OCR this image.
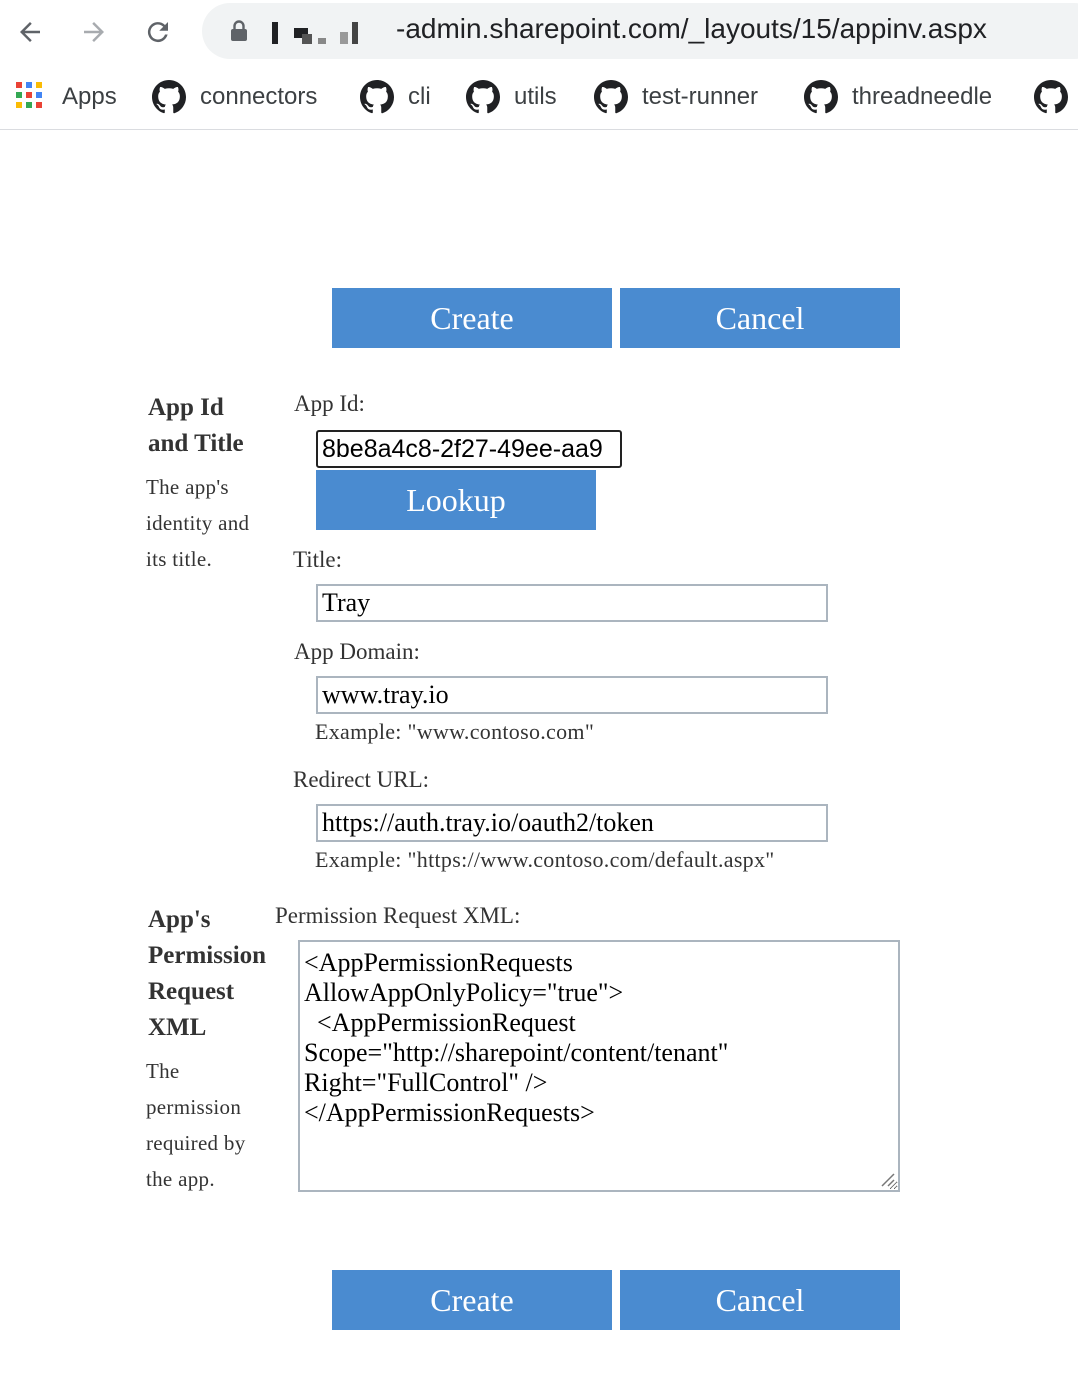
-admin.sharepoint.com/_layouts/15/appinv.aspx
Apps	connectors	cli	utils	test-runner	threadneedle
Create	Cancel
App Id
and Title
The app's
identity and
its title.
App Id:
8be8a4c8-2f27-49ee-aa9
Lookup
Title:
Tray
App Domain:
www.tray.io
Example: "www.contoso.com"
Redirect URL:
https://auth.tray.io/oauth2/token
Example: "https://www.contoso.com/default.aspx"
App's
Permission
Request
XML
The
permission
required by
the app.
Permission Request XML:
<AppPermissionRequests AllowAppOnlyPolicy="true"> <AppPermissionRequest Scope="http://sharepoint/content/tenant" Right="FullControl" /> </AppPermissionRequests>
Create	Cancel
